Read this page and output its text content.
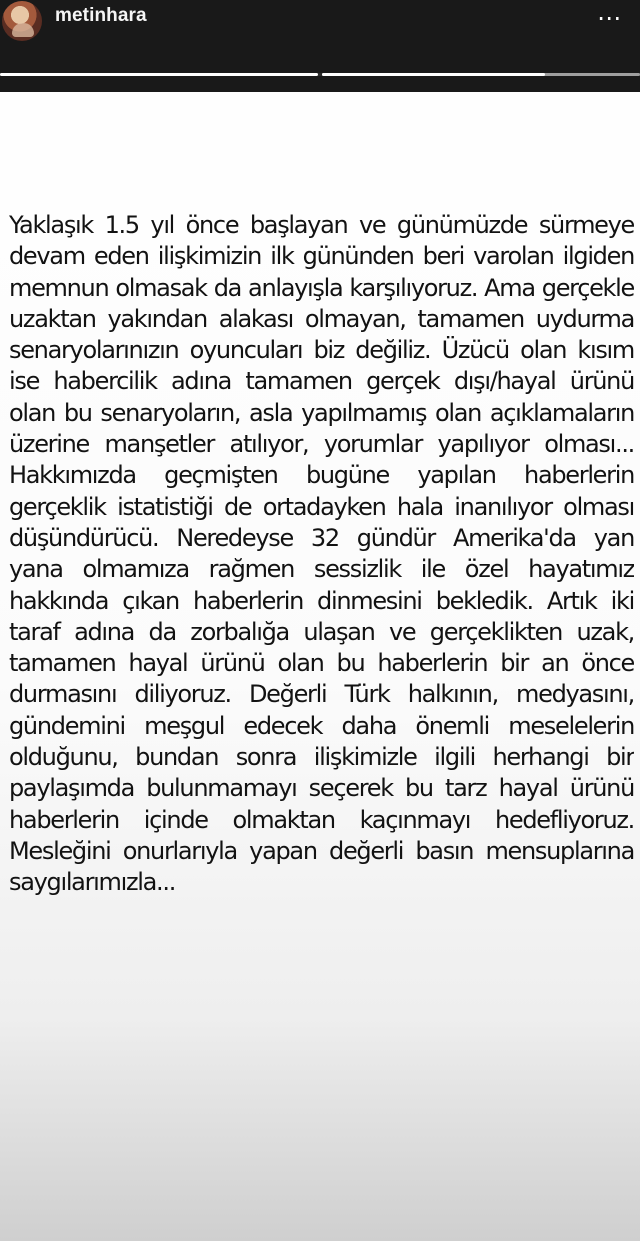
metinhara	⋯

Yaklaşık 1.5 yıl önce başlayan ve günümüzde sürmeye devam eden ilişkimizin ilk gününden beri varolan ilgiden memnun olmasak da anlayışla karşılıyoruz. Ama gerçekle uzaktan yakından alakası olmayan, tamamen uydurma senaryolarınızın oyuncuları biz değiliz. Üzücü olan kısım ise habercilik adına tamamen gerçek dışı/hayal ürünü olan bu senaryoların, asla yapılmamış olan açıklamaların üzerine manşetler atılıyor, yorumlar yapılıyor olması...

Hakkımızda geçmişten bugüne yapılan haberlerin gerçeklik istatistiği de ortadayken hala inanılıyor olması düşündürücü. Neredeyse 32 gündür Amerika'da yan yana olmamıza rağmen sessizlik ile özel hayatımız hakkında çıkan haberlerin dinmesini bekledik. Artık iki taraf adına da zorbalığa ulaşan ve gerçeklikten uzak, tamamen hayal ürünü olan bu haberlerin bir an önce durmasını diliyoruz. Değerli Türk halkının, medyasını, gündemini meşgul edecek daha önemli meselelerin olduğunu, bundan sonra ilişkimizle ilgili herhangi bir paylaşımda bulunmamayı seçerek bu tarz hayal ürünü haberlerin içinde olmaktan kaçınmayı hedefliyoruz. Mesleğini onurlarıyla yapan değerli basın mensuplarına saygılarımızla...
